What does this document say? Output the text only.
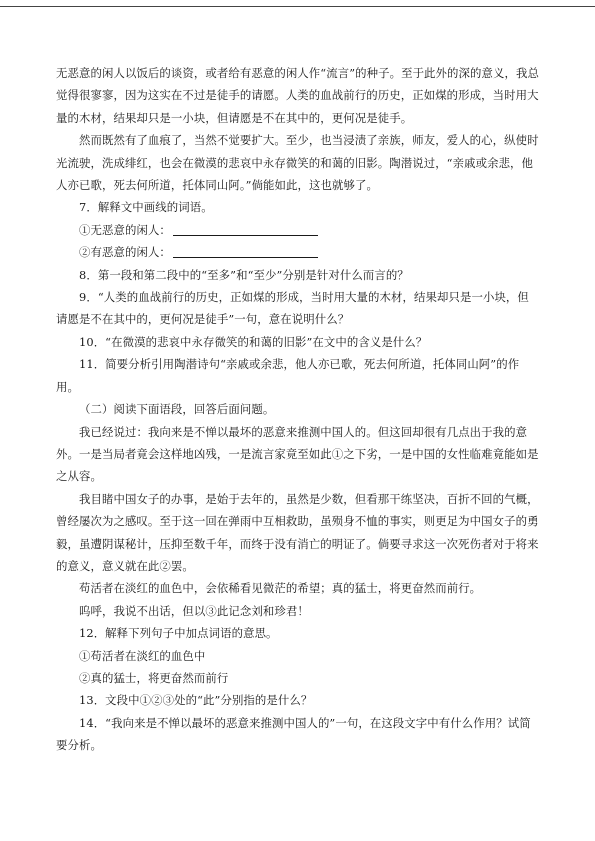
无恶意的闲人以饭后的谈资，或者给有恶意的闲人作“流言”的种子。至于此外的深的意义，我总觉得很寥寥，因为这实在不过是徒手的请愿。人类的血战前行的历史，正如煤的形成，当时用大量的木材，结果却只是一小块，但请愿是不在其中的，更何况是徒手。

然而既然有了血痕了，当然不觉要扩大。至少，也当浸渍了亲族，师友，爱人的心，纵使时光流驶，洗成绯红，也会在微漠的悲哀中永存微笑的和蔼的旧影。陶潜说过，“亲戚或余悲，他人亦已歌，死去何所道，托体同山阿。”倘能如此，这也就够了。

7．解释文中画线的词语。

①无恶意的闲人：

②有恶意的闲人：

8．第一段和第二段中的“至多”和“至少”分别是针对什么而言的？

9．“人类的血战前行的历史，正如煤的形成，当时用大量的木材，结果却只是一小块，但请愿是不在其中的，更何况是徒手”一句，意在说明什么？

10．“在微漠的悲哀中永存微笑的和蔼的旧影”在文中的含义是什么？

11．简要分析引用陶潜诗句“亲戚或余悲，他人亦已歌，死去何所道，托体同山阿”的作用。

（二）阅读下面语段，回答后面问题。

我已经说过：我向来是不惮以最坏的恶意来推测中国人的。但这回却很有几点出于我的意外。一是当局者竟会这样地凶残，一是流言家竟至如此①之下劣，一是中国的女性临难竟能如是之从容。

我目睹中国女子的办事，是始于去年的，虽然是少数，但看那干练坚决，百折不回的气概，曾经屡次为之感叹。至于这一回在弹雨中互相救助，虽殒身不恤的事实，则更足为中国女子的勇毅，虽遭阴谋秘计，压抑至数千年，而终于没有消亡的明证了。倘要寻求这一次死伤者对于将来的意义，意义就在此②罢。

苟活者在淡红的血色中，会依稀看见微茫的希望；真的猛士，将更奋然而前行。

呜呼，我说不出话，但以③此记念刘和珍君！

12．解释下列句子中加点词语的意思。

①苟活者在淡红的血色中

②真的猛士，将更奋然而前行

13．文段中①②③处的“此”分别指的是什么？

14．“我向来是不惮以最坏的恶意来推测中国人的”一句，在这段文字中有什么作用？试简要分析。
